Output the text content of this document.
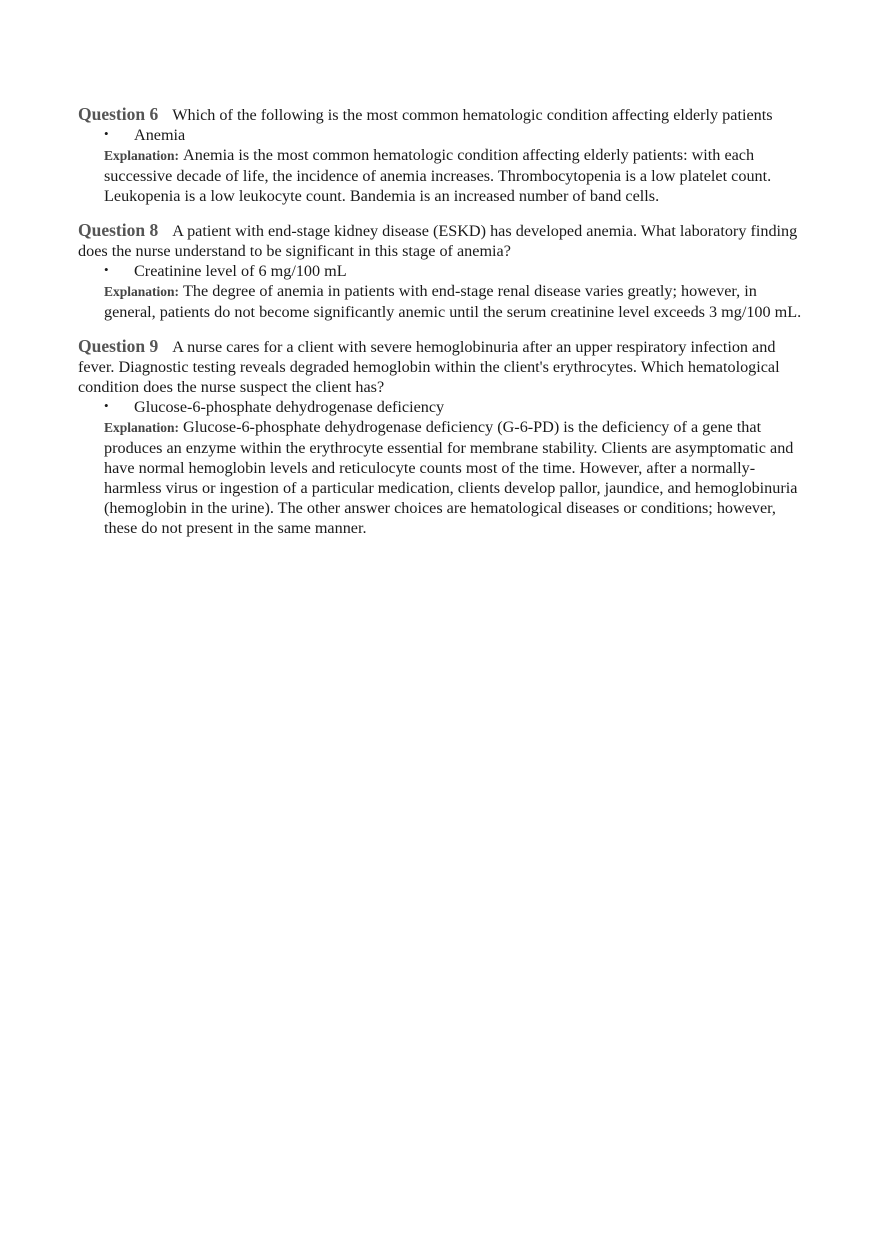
Question 6 Which of the following is the most common hematologic condition affecting elderly patients
• Anemia
Explanation: Anemia is the most common hematologic condition affecting elderly patients: with each successive decade of life, the incidence of anemia increases. Thrombocytopenia is a low platelet count. Leukopenia is a low leukocyte count. Bandemia is an increased number of band cells.
Question 8 A patient with end-stage kidney disease (ESKD) has developed anemia. What laboratory finding does the nurse understand to be significant in this stage of anemia?
• Creatinine level of 6 mg/100 mL
Explanation: The degree of anemia in patients with end-stage renal disease varies greatly; however, in general, patients do not become significantly anemic until the serum creatinine level exceeds 3 mg/100 mL.
Question 9 A nurse cares for a client with severe hemoglobinuria after an upper respiratory infection and fever. Diagnostic testing reveals degraded hemoglobin within the client's erythrocytes. Which hematological condition does the nurse suspect the client has?
• Glucose-6-phosphate dehydrogenase deficiency
Explanation: Glucose-6-phosphate dehydrogenase deficiency (G-6-PD) is the deficiency of a gene that produces an enzyme within the erythrocyte essential for membrane stability. Clients are asymptomatic and have normal hemoglobin levels and reticulocyte counts most of the time. However, after a normally-harmless virus or ingestion of a particular medication, clients develop pallor, jaundice, and hemoglobinuria (hemoglobin in the urine). The other answer choices are hematological diseases or conditions; however, these do not present in the same manner.
